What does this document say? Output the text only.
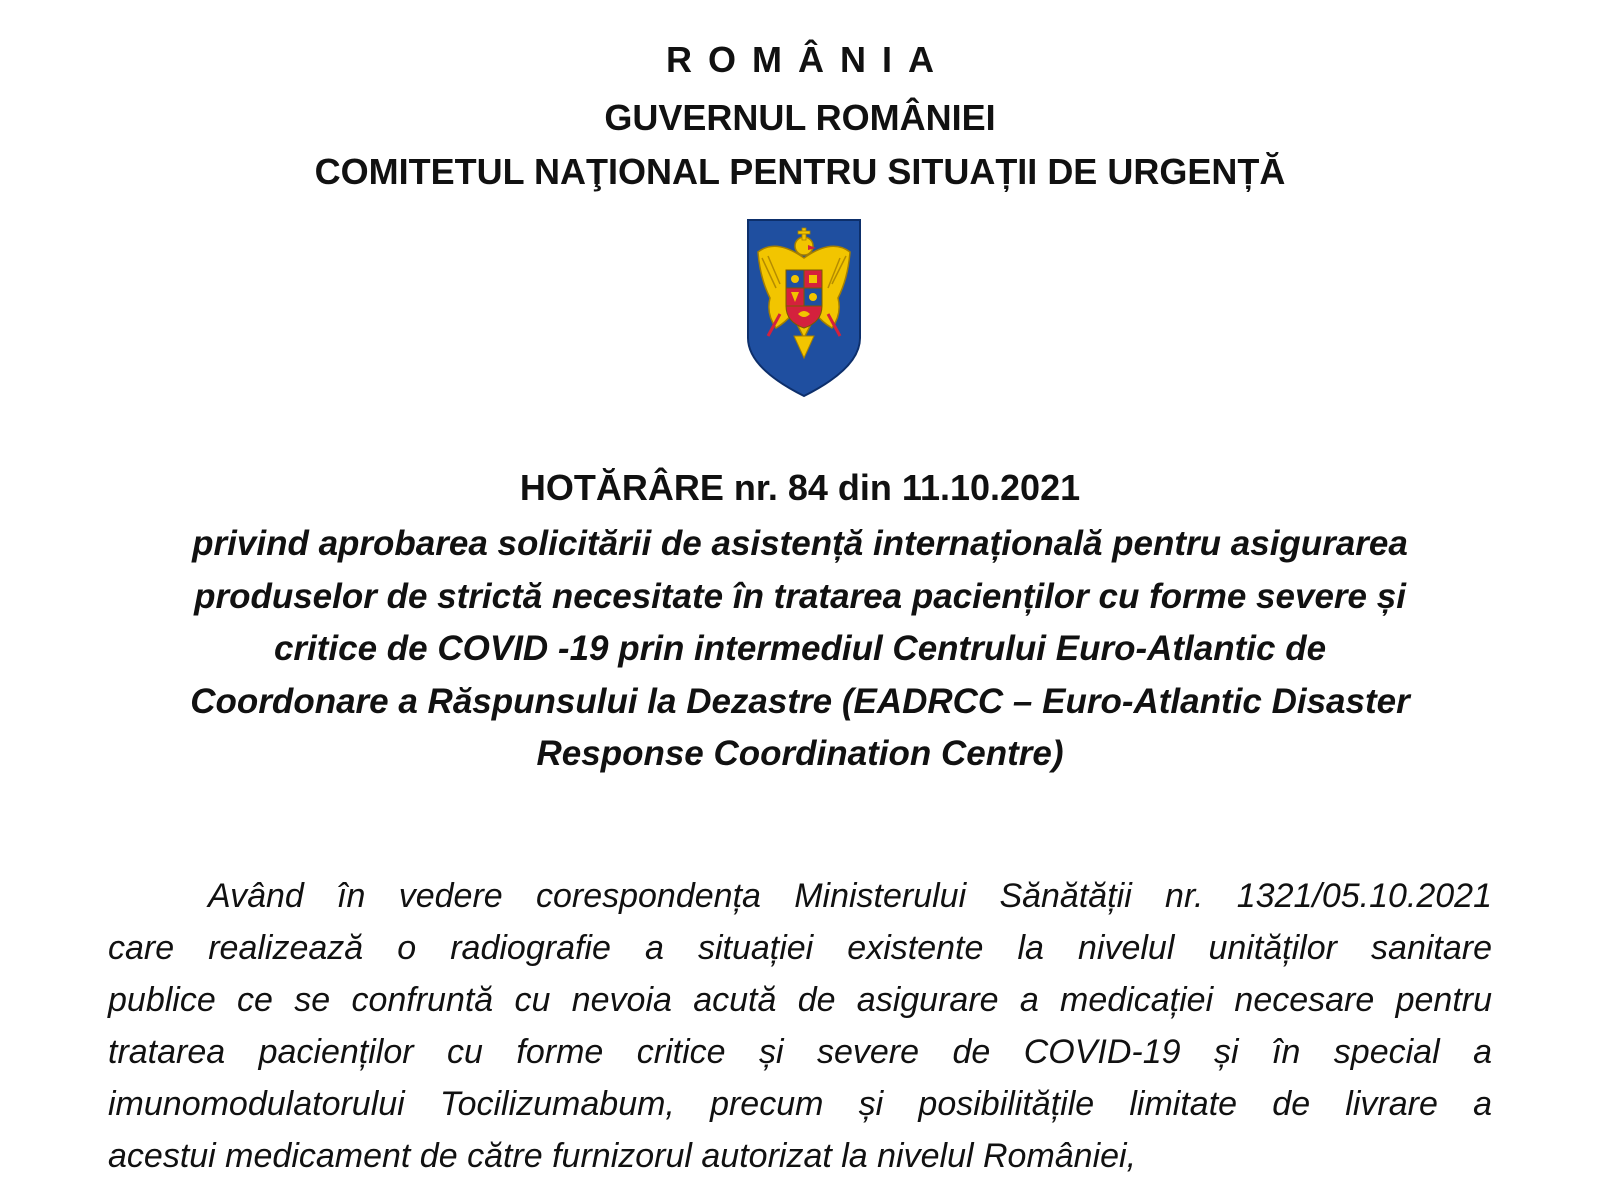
ROMÂNIA
GUVERNUL ROMÂNIEI
COMITETUL NAŢIONAL PENTRU SITUAȚII DE URGENȚĂ
HOTĂRÂRE nr. 84 din 11.10.2021
privind aprobarea solicitării de asistență internațională pentru asigurarea
produselor de strictă necesitate în tratarea pacienților cu forme severe și
critice de COVID -19 prin intermediul Centrului Euro-Atlantic de
Coordonare a Răspunsului la Dezastre (EADRCC – Euro-Atlantic Disaster
Response Coordination Centre)
Având în vedere corespondența Ministerului Sănătății nr. 1321/05.10.2021
care realizează o radiografie a situației existente la nivelul unităților sanitare
publice ce se confruntă cu nevoia acută de asigurare a medicației necesare pentru
tratarea pacienților cu forme critice și severe de COVID-19 și în special a
imunomodulatorului Tocilizumabum, precum și posibilitățile limitate de livrare a
acestui medicament de către furnizorul autorizat la nivelul României,
